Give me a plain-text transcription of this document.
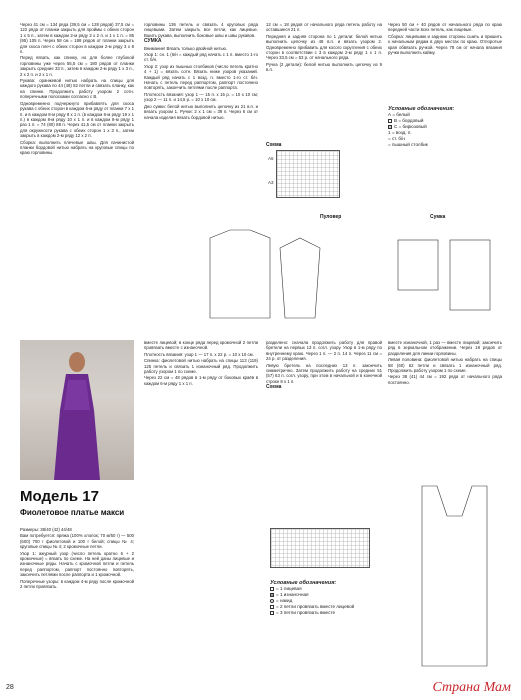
Через 41 см = 134 ряда (39,5 см = 128 рядов) 37,5 см = 122 ряда от планки закрыть для проймы с обеих сторон 1 х 5 п., затем в каждом 2-м ряду 2 х 2 п. и 1 х 1 п. = 85 (95) 105 п. Через 58 см = 188 рядов от планки закрыть для скоса плеч с обеих сторон в каждом 2-м ряду 3 х 8 п.

Перед вязать, как спинку, но для более глубокой горловины уже через 55,5 см = 180 рядов от планки закрыть средние 33 п., затем в каждом 2-м ряду 1 х 3 п., 2 х 2 п. и 2 х 1 п.

Рукава: оранжевой нитью набрать на спицы для каждого рукава по 44 (48) 52 петли и связать планку, как на спинке. Продолжить работу узором 2 сотн. поперечными полосками согласно с В.

Одновременно подчеркнуто прибавлять для скоса рукава с обеих сторон в каждом 6-м ряду от планки 7 x 1 п. и в каждом 8-м ряду 8 х 1 п. (в каждом 6-м ряду 19 x 1 п.) в каждом 8-м ряду 10 х 1 п. и в каждом 8-м ряду 1 раз 1 п. = 74 (80) 88 п. Через 41,5 см от планки закрыть для окружности рукава с обеих сторон 1 х 3 п., затем закрыть в каждом 2-м ряду 12 х 2 п.

Сборка: выполнить плечевые швы. Для пачинистой планки бордовой нитью набрать на круговые спицы по краю горловины.

горловины 136 петель и связать 4 круговых ряда лицевыми. Затем закрыть все петли, как лицевые. Вшить рукава, выполнить боковые швы и швы рукавов.

СУМКА

Внимание! Вязать только двойной нитью.

Узор 1: сн. 1 (6/н = каждый ряд начать с 1 п. вместо 1-го ст. б/н.

Узор 2: узор из пышных столбиков (число петель кратно 4 + 1) = вязать сотн. Вязать ниже узоров указаний. Каждый ряд начать с 1 возд. п. вместо 1-го ст. б/н. Начать с петель перед раппортом, раппорт постоянно повторять, закончить петлями после раппорта.

Плотность вязания: узор 1 — 15 п. х 15 р. = 10 х 10 см; узор 2 — 11 п. и 14,5 р. = 10 х 10 см.

Дно сумки: белой нитью выполнить цепочку из 21 в.п. и вязать узором 1. Ручки: 2 х 1 см = 39 п. Через 6 см от начала изделия вязать бордовой нитью.

12 см = 18 рядов от начального ряда петель работу на оставшиеся 21 п.

Передняя и задняя сторона по 1 детали: белой нитью выполнить цепочку из 48 в.п. и вязать узором 2. Одновременно прибавить для косого скругления с обеих сторон в соответствии с 3 в каждом 2-м ряду 1 х 1 п. Через 33,5 см = 53 р. от начального ряда.

Ручка (2 детали): белой нитью выполнить цепочку из 9 в.п.

Через 50 см + 40 рядов от начального ряда по краю передней части всех петель, как лицевые.

Сборка: лицевыми и заднюю стороны сшить и пришить к начальным рядам в двух местах по краю. Отпоротые края обвязать ручкой. Через 78 см от начала вязания ручки выполнить кайму.

Схема
A5
A3
Условные обозначения:
А = белый
В = бордовый
С = бирюзовый
1 = возд. п.
= ст. б/н
= пышный столбик
Пуловер	Сумка
Модель 17
Фиолетовое платье макси

Размеры: 38/40 (42) 44/48

Вам потребуется: пряжа (100% хлопок; 70 м/50 г) — 500 (600) 700 г фиолетовой и 100 г белой; спицы № 4; круговые спицы № 4; 2 кромочные петли.

Узор 1: ажурный узор (число петель кратно 6 + 2 кромочные) = вязать по схеме. На ней даны лицевые и изнаночные ряды. Начать с кромочной петли и петель перед раппортом, раппорт постоянно повторять, закончить петлями после раппорта и 1 кромочной.

Поперечные узоры: в каждом 4-м ряду после кромочной 2 петли провязать.

вместе лицевой; в конце ряда перед кромочной 2 петли провязать вместе с изнаночной.

Плотность вязания: узор 1 — 17 п. х 22 р. = 10 х 10 см.

Спинка: фиолетовой нитью набрать на спицы 113 (119) 125 петель и связать 1 изнаночный ряд. Продолжить работу узором 1 по схеме.

Через 22 см = 48 рядов в 1-м ряду от боковых краёв в каждом 6-м ряду 1 х 1 п.

разделено: сначала продолжить работу для правой бретели на первых 13 п. согл. узору. Узор в 1-м ряду по внутреннему краю. Через 1 п. — 2 п. 14 п. Через 11 см = 24 р. от разделения.

Левую бретель на последних 13 п. закончить симметрично. Затем продолжить работу на средних 51 (57) 63 п. согл. узору, при этом в начальной и в конечной строке 8 х 1 п.

Схема

Условные обозначения:
= 1 лицевая
= 1 изнаночная
= накид
= 2 петли провязать вместе лицевой
= 3 петли провязать вместе

вместе изнаночной, 1 раз — вместе лицевой; закончить ряд в зеркальном отображении. Через 18 рядов от разделения для линии горловины.

Левая половина: фиолетовой нитью набрать на спицы 58 (60) 62 петли и связать 1 изнаночный ряд. Продолжить работу узором 1 по схеме.

Через 38 (41) 44 см = 192 ряда от начального ряда постоянно.

28	Страна Мам
